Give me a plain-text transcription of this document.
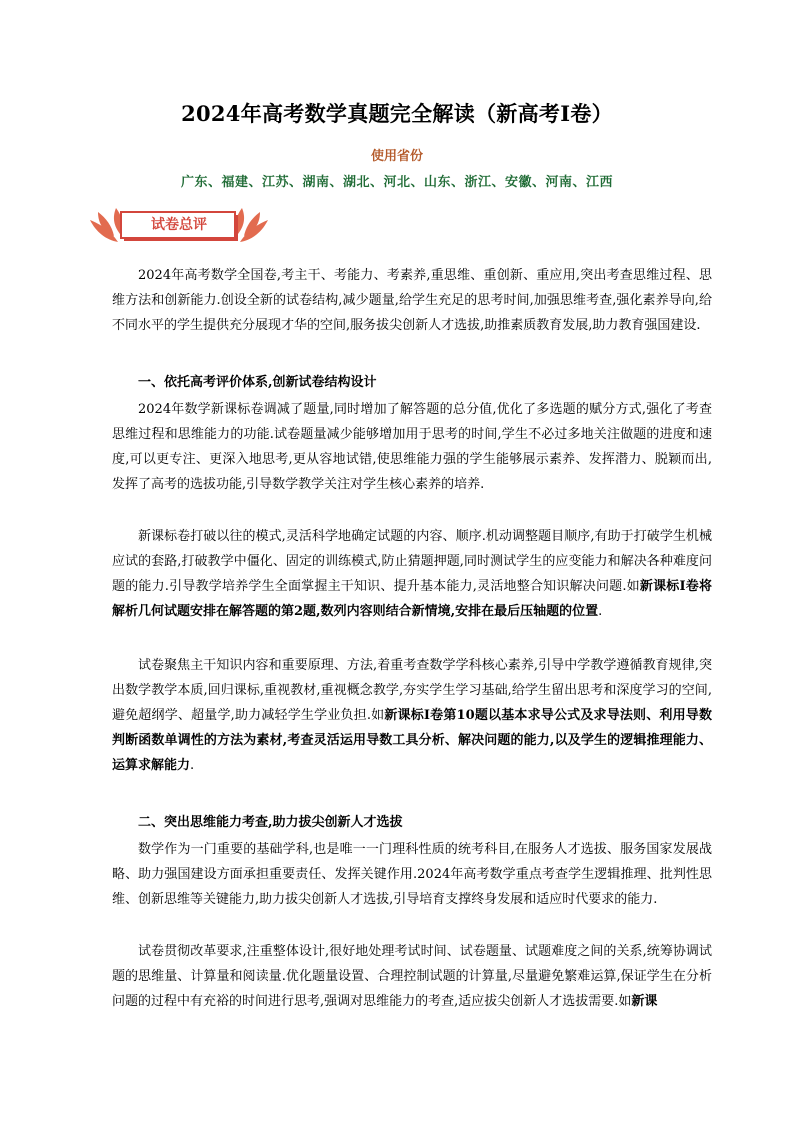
2024年高考数学真题完全解读（新高考I卷）
使用省份
广东、福建、江苏、湖南、湖北、河北、山东、浙江、安徽、河南、江西
试卷总评

2024年高考数学全国卷,考主干、考能力、考素养,重思维、重创新、重应用,突出考查思维过程、思维方法和创新能力.创设全新的试卷结构,减少题量,给学生充足的思考时间,加强思维考查,强化素养导向,给不同水平的学生提供充分展现才华的空间,服务拔尖创新人才选拔,助推素质教育发展,助力教育强国建设.

一、依托高考评价体系,创新试卷结构设计

2024年数学新课标卷调减了题量,同时增加了解答题的总分值,优化了多选题的赋分方式,强化了考查思维过程和思维能力的功能.试卷题量减少能够增加用于思考的时间,学生不必过多地关注做题的进度和速度,可以更专注、更深入地思考,更从容地试错,使思维能力强的学生能够展示素养、发挥潜力、脱颖而出,发挥了高考的选拔功能,引导数学教学关注对学生核心素养的培养.

新课标卷打破以往的模式,灵活科学地确定试题的内容、顺序.机动调整题目顺序,有助于打破学生机械应试的套路,打破教学中僵化、固定的训练模式,防止猜题押题,同时测试学生的应变能力和解决各种难度问题的能力.引导教学培养学生全面掌握主干知识、提升基本能力,灵活地整合知识解决问题.如新课标Ⅰ卷将解析几何试题安排在解答题的第2题,数列内容则结合新情境,安排在最后压轴题的位置.

试卷聚焦主干知识内容和重要原理、方法,着重考查数学学科核心素养,引导中学教学遵循教育规律,突出数学教学本质,回归课标,重视教材,重视概念教学,夯实学生学习基础,给学生留出思考和深度学习的空间,避免超纲学、超量学,助力减轻学生学业负担.如新课标Ⅰ卷第10题以基本求导公式及求导法则、利用导数判断函数单调性的方法为素材,考查灵活运用导数工具分析、解决问题的能力,以及学生的逻辑推理能力、运算求解能力.

二、突出思维能力考查,助力拔尖创新人才选拔

数学作为一门重要的基础学科,也是唯一一门理科性质的统考科目,在服务人才选拔、服务国家发展战略、助力强国建设方面承担重要责任、发挥关键作用.2024年高考数学重点考查学生逻辑推理、批判性思维、创新思维等关键能力,助力拔尖创新人才选拔,引导培育支撑终身发展和适应时代要求的能力.

试卷贯彻改革要求,注重整体设计,很好地处理考试时间、试卷题量、试题难度之间的关系,统筹协调试题的思维量、计算量和阅读量.优化题量设置、合理控制试题的计算量,尽量避免繁难运算,保证学生在分析问题的过程中有充裕的时间进行思考,强调对思维能力的考查,适应拔尖创新人才选拔需要.如新课
